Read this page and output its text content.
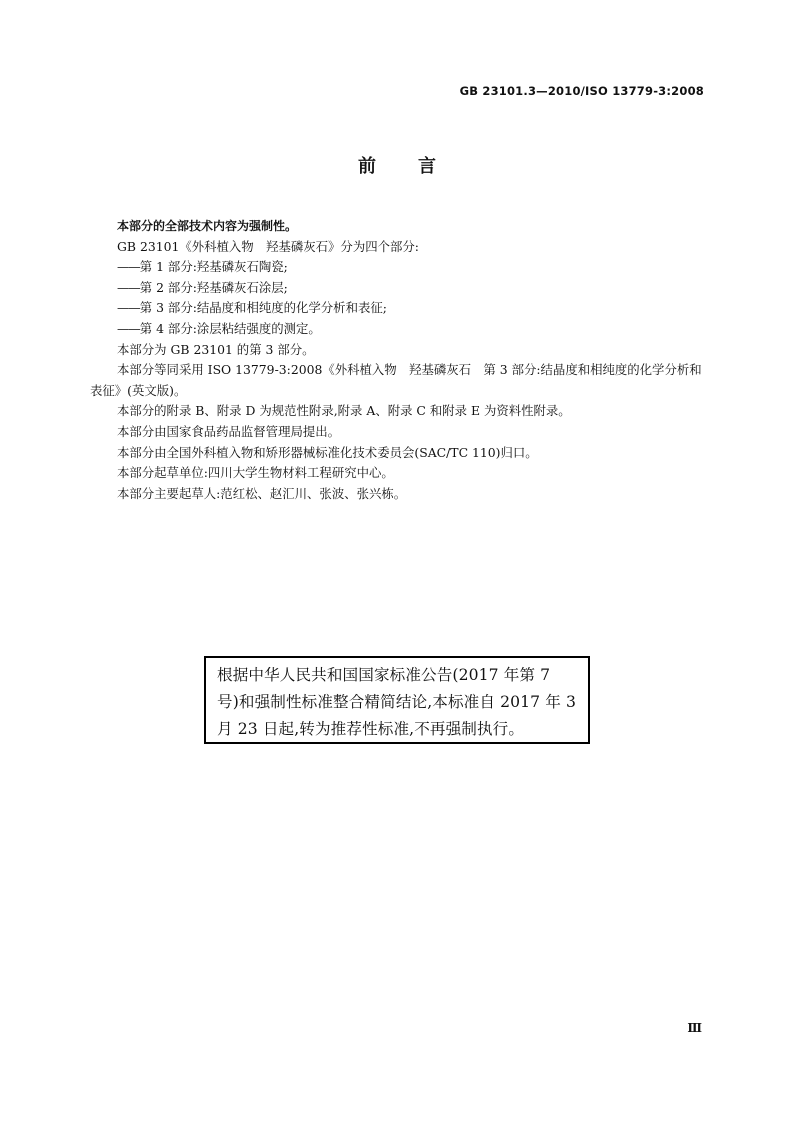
GB 23101.3—2010/ISO 13779-3:2008
前 言

本部分的全部技术内容为强制性。

GB 23101《外科植入物　羟基磷灰石》分为四个部分:

——第 1 部分:羟基磷灰石陶瓷;

——第 2 部分:羟基磷灰石涂层;

——第 3 部分:结晶度和相纯度的化学分析和表征;

——第 4 部分:涂层粘结强度的测定。

本部分为 GB 23101 的第 3 部分。

本部分等同采用 ISO 13779-3:2008《外科植入物　羟基磷灰石　第 3 部分:结晶度和相纯度的化学分析和表征》(英文版)。

本部分的附录 B、附录 D 为规范性附录,附录 A、附录 C 和附录 E 为资料性附录。

本部分由国家食品药品监督管理局提出。

本部分由全国外科植入物和矫形器械标准化技术委员会(SAC/TC 110)归口。

本部分起草单位:四川大学生物材料工程研究中心。

本部分主要起草人:范红松、赵汇川、张波、张兴栋。

根据中华人民共和国国家标准公告(2017 年第 7 号)和强制性标准整合精简结论,本标准自 2017 年 3 月 23 日起,转为推荐性标准,不再强制执行。
Ⅲ
